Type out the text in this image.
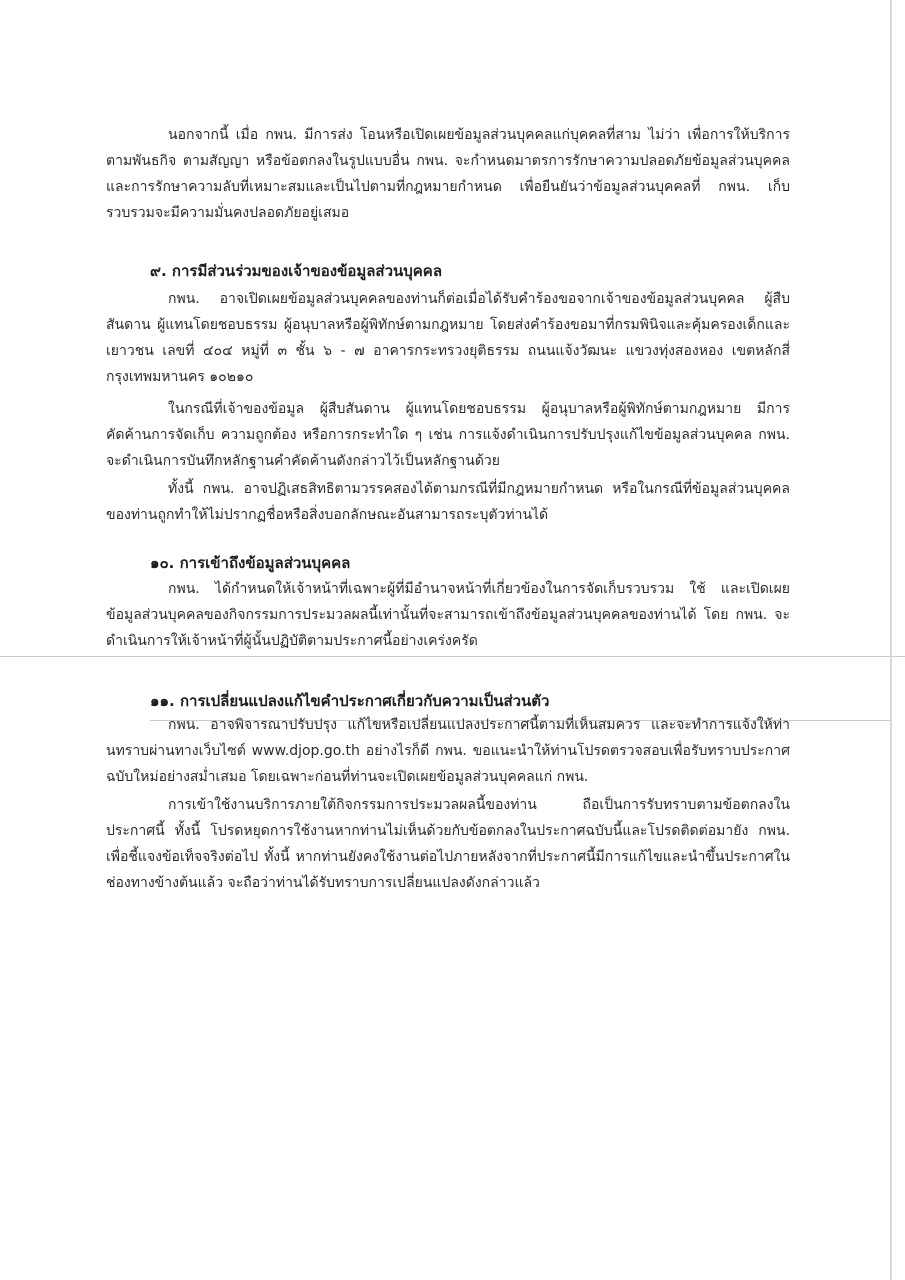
นอกจากนี้ เมื่อ กพน. มีการส่ง โอนหรือเปิดเผยข้อมูลส่วนบุคคลแก่บุคคลที่สาม ไม่ว่า เพื่อการให้บริการตามพันธกิจ ตามสัญญา หรือข้อตกลงในรูปแบบอื่น กพน. จะกำหนดมาตรการรักษาความปลอดภัยข้อมูลส่วนบุคคลและการรักษาความลับที่เหมาะสมและเป็นไปตามที่กฎหมายกำหนด เพื่อยืนยันว่าข้อมูลส่วนบุคคลที่ กพน. เก็บรวบรวมจะมีความมั่นคงปลอดภัยอยู่เสมอ

๙. การมีส่วนร่วมของเจ้าของข้อมูลส่วนบุคคล

กพน. อาจเปิดเผยข้อมูลส่วนบุคคลของท่านก็ต่อเมื่อได้รับคำร้องขอจากเจ้าของข้อมูลส่วนบุคคล ผู้สืบสันดาน ผู้แทนโดยชอบธรรม ผู้อนุบาลหรือผู้พิทักษ์ตามกฎหมาย โดยส่งคำร้องขอมาที่กรมพินิจและคุ้มครองเด็กและเยาวชน เลขที่ ๔๐๔ หมู่ที่ ๓ ชั้น ๖ - ๗ อาคารกระทรวงยุติธรรม ถนนแจ้งวัฒนะ แขวงทุ่งสองหอง เขตหลักสี่ กรุงเทพมหานคร ๑๐๒๑๐

ในกรณีที่เจ้าของข้อมูล ผู้สืบสันดาน ผู้แทนโดยชอบธรรม ผู้อนุบาลหรือผู้พิทักษ์ตามกฎหมาย มีการคัดค้านการจัดเก็บ ความถูกต้อง หรือการกระทำใด ๆ เช่น การแจ้งดำเนินการปรับปรุงแก้ไขข้อมูลส่วนบุคคล กพน. จะดำเนินการบันทึกหลักฐานคำคัดค้านดังกล่าวไว้เป็นหลักฐานด้วย

ทั้งนี้ กพน. อาจปฏิเสธสิทธิตามวรรคสองได้ตามกรณีที่มีกฎหมายกำหนด หรือในกรณีที่ข้อมูลส่วนบุคคลของท่านถูกทำให้ไม่ปรากฏชื่อหรือสิ่งบอกลักษณะอันสามารถระบุตัวท่านได้

๑๐. การเข้าถึงข้อมูลส่วนบุคคล

กพน. ได้กำหนดให้เจ้าหน้าที่เฉพาะผู้ที่มีอำนาจหน้าที่เกี่ยวข้องในการจัดเก็บรวบรวม ใช้ และเปิดเผยข้อมูลส่วนบุคคลของกิจกรรมการประมวลผลนี้เท่านั้นที่จะสามารถเข้าถึงข้อมูลส่วนบุคคลของท่านได้ โดย กพน. จะดำเนินการให้เจ้าหน้าที่ผู้นั้นปฏิบัติตามประกาศนี้อย่างเคร่งครัด

๑๑. การเปลี่ยนแปลงแก้ไขคำประกาศเกี่ยวกับความเป็นส่วนตัว

กพน. อาจพิจารณาปรับปรุง แก้ไขหรือเปลี่ยนแปลงประกาศนี้ตามที่เห็นสมควร และจะทำการแจ้งให้ท่านทราบผ่านทางเว็บไซต์ www.djop.go.th อย่างไรก็ดี กพน. ขอแนะนำให้ท่านโปรดตรวจสอบเพื่อรับทราบประกาศฉบับใหม่อย่างสม่ำเสมอ โดยเฉพาะก่อนที่ท่านจะเปิดเผยข้อมูลส่วนบุคคลแก่ กพน.

การเข้าใช้งานบริการภายใต้กิจกรรมการประมวลผลนี้ของท่าน ถือเป็นการรับทราบตามข้อตกลงในประกาศนี้ ทั้งนี้ โปรดหยุดการใช้งานหากท่านไม่เห็นด้วยกับข้อตกลงในประกาศฉบับนี้และโปรดติดต่อมายัง กพน. เพื่อชี้แจงข้อเท็จจริงต่อไป ทั้งนี้ หากท่านยังคงใช้งานต่อไปภายหลังจากที่ประกาศนี้มีการแก้ไขและนำขึ้นประกาศในช่องทางข้างต้นแล้ว จะถือว่าท่านได้รับทราบการเปลี่ยนแปลงดังกล่าวแล้ว
